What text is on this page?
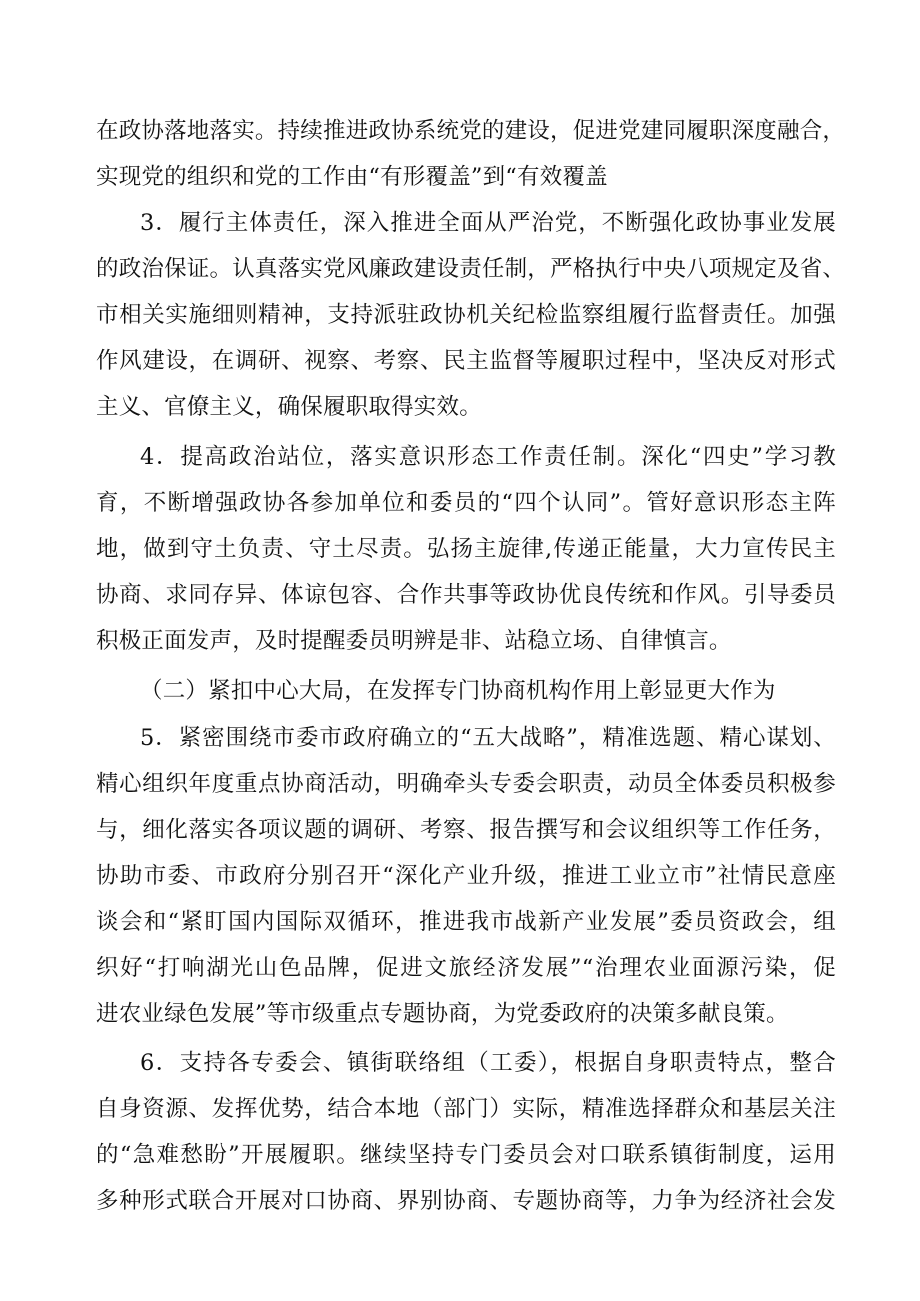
在政协落地落实。持续推进政协系统党的建设，促进党建同履职深度融合，
实现党的组织和党的工作由“有形覆盖”到“有效覆盖
3．履行主体责任，深入推进全面从严治党，不断强化政协事业发展
的政治保证。认真落实党风廉政建设责任制，严格执行中央八项规定及省、
市相关实施细则精神，支持派驻政协机关纪检监察组履行监督责任。加强
作风建设，在调研、视察、考察、民主监督等履职过程中，坚决反对形式
主义、官僚主义，确保履职取得实效。
4．提高政治站位，落实意识形态工作责任制。深化“四史”学习教
育，不断增强政协各参加单位和委员的“四个认同”。管好意识形态主阵
地，做到守土负责、守土尽责。弘扬主旋律,传递正能量，大力宣传民主
协商、求同存异、体谅包容、合作共事等政协优良传统和作风。引导委员
积极正面发声，及时提醒委员明辨是非、站稳立场、自律慎言。
（二）紧扣中心大局，在发挥专门协商机构作用上彰显更大作为
5．紧密围绕市委市政府确立的“五大战略”，精准选题、精心谋划、
精心组织年度重点协商活动，明确牵头专委会职责，动员全体委员积极参
与，细化落实各项议题的调研、考察、报告撰写和会议组织等工作任务，
协助市委、市政府分别召开“深化产业升级，推进工业立市”社情民意座
谈会和“紧盯国内国际双循环，推进我市战新产业发展”委员资政会，组
织好“打响湖光山色品牌，促进文旅经济发展”“治理农业面源污染，促
进农业绿色发展”等市级重点专题协商，为党委政府的决策多献良策。
6．支持各专委会、镇街联络组（工委），根据自身职责特点，整合
自身资源、发挥优势，结合本地（部门）实际，精准选择群众和基层关注
的“急难愁盼”开展履职。继续坚持专门委员会对口联系镇街制度，运用
多种形式联合开展对口协商、界别协商、专题协商等，力争为经济社会发
